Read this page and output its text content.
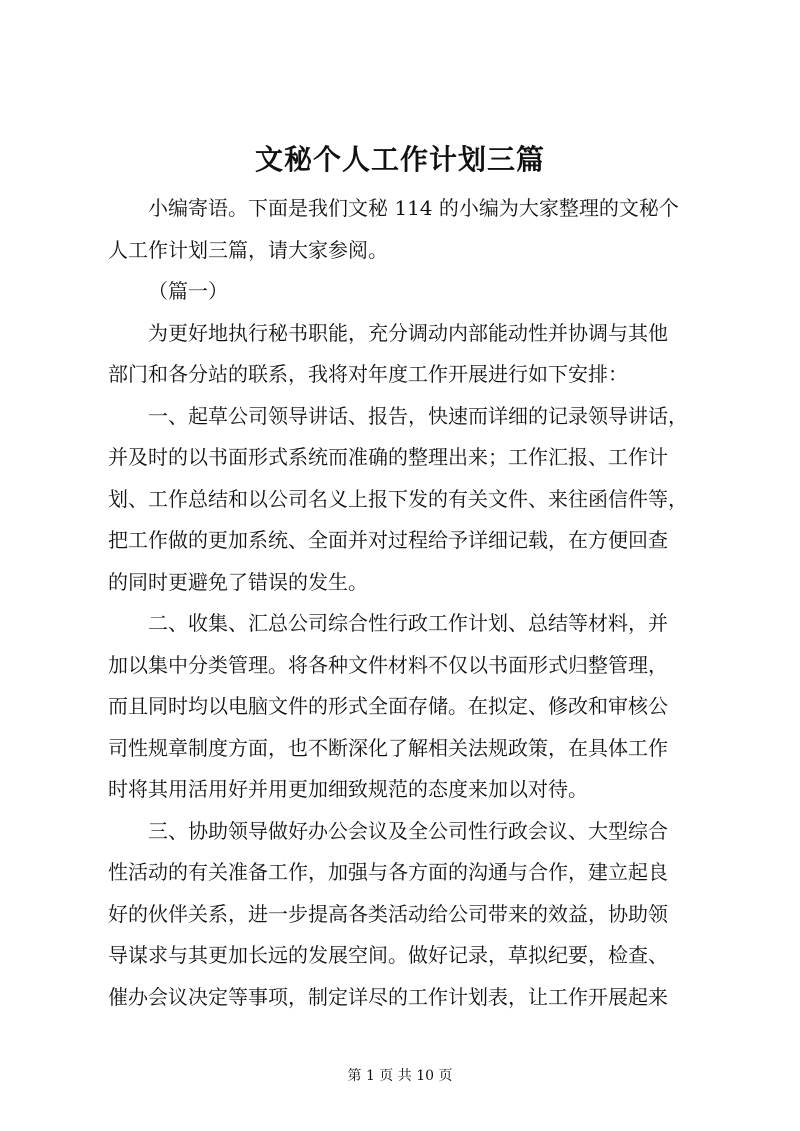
文秘个人工作计划三篇
小编寄语。下面是我们文秘 114 的小编为大家整理的文秘个
人工作计划三篇，请大家参阅。
（篇一）
为更好地执行秘书职能，充分调动内部能动性并协调与其他
部门和各分站的联系，我将对年度工作开展进行如下安排：
一、起草公司领导讲话、报告，快速而详细的记录领导讲话，
并及时的以书面形式系统而准确的整理出来；工作汇报、工作计
划、工作总结和以公司名义上报下发的有关文件、来往函信件等，
把工作做的更加系统、全面并对过程给予详细记载，在方便回查
的同时更避免了错误的发生。
二、收集、汇总公司综合性行政工作计划、总结等材料，并
加以集中分类管理。将各种文件材料不仅以书面形式归整管理，
而且同时均以电脑文件的形式全面存储。在拟定、修改和审核公
司性规章制度方面，也不断深化了解相关法规政策，在具体工作
时将其用活用好并用更加细致规范的态度来加以对待。
三、协助领导做好办公会议及全公司性行政会议、大型综合
性活动的有关准备工作，加强与各方面的沟通与合作，建立起良
好的伙伴关系，进一步提高各类活动给公司带来的效益，协助领
导谋求与其更加长远的发展空间。做好记录，草拟纪要，检查、
催办会议决定等事项，制定详尽的工作计划表，让工作开展起来
第 1 页 共 10 页
